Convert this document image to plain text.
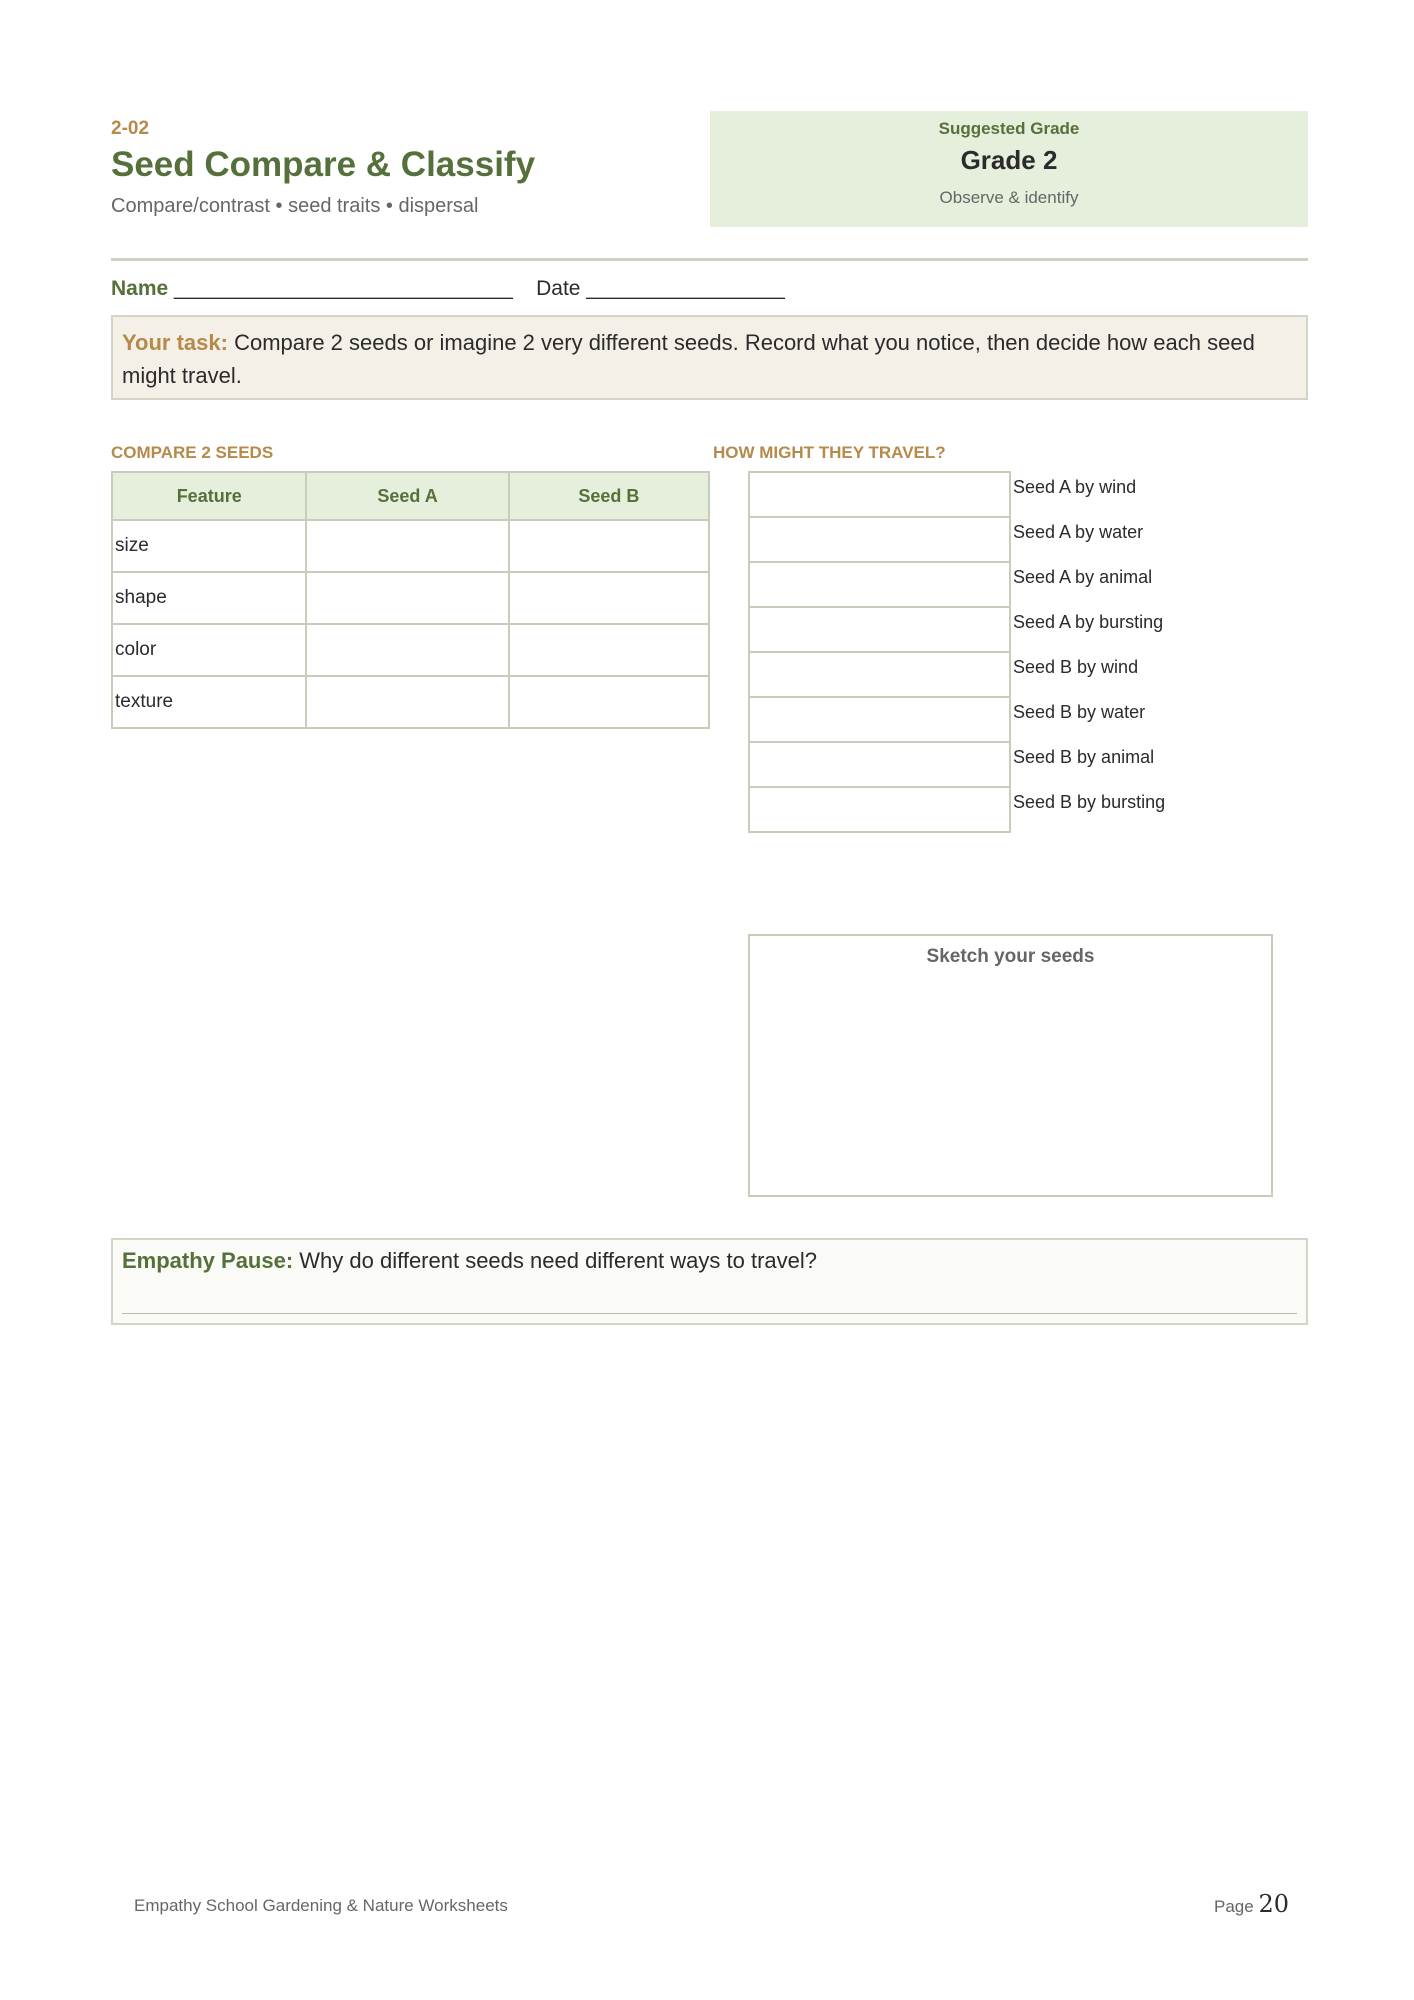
2-02
Seed Compare & Classify
Compare/contrast • seed traits • dispersal
Suggested Grade
Grade 2
Observe & identify
Name _____________________________ Date _________________
Your task: Compare 2 seeds or imagine 2 very different seeds. Record what you notice, then decide how each seed might travel.
COMPARE 2 SEEDS
Feature	Seed A	Seed B
size		
shape		
color		
texture		
HOW MIGHT THEY TRAVEL?
Seed A by wind
Seed A by water
Seed A by animal
Seed A by bursting
Seed B by wind
Seed B by water
Seed B by animal
Seed B by bursting
Sketch your seeds
Empathy Pause: Why do different seeds need different ways to travel?
Empathy School Gardening & Nature Worksheets	Page 20
